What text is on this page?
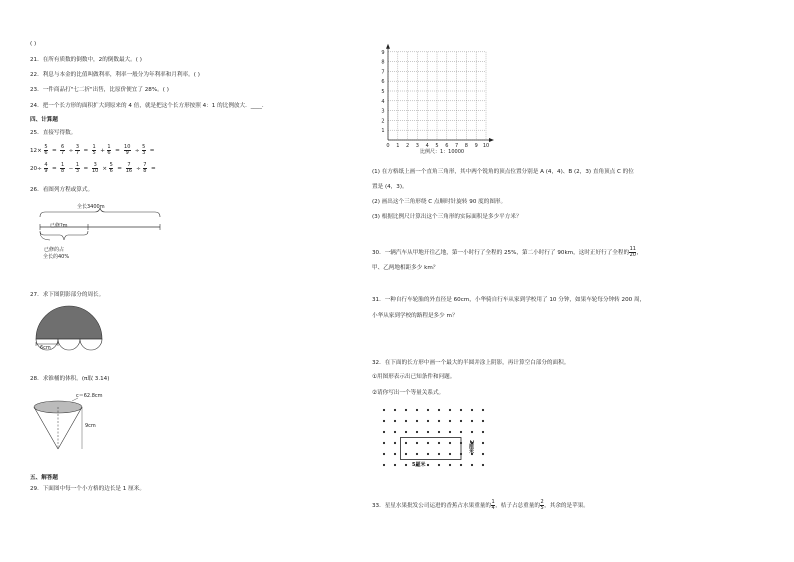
( )
21．在所有质数的倒数中，2的倒数最大。( )
22．利息与本金的比值叫做利率，利率一般分为年利率和月利率。( )
23．一件商品打"七二折"出售，比原价便宜了 28%。( )
24．把一个长方形的面积扩大到原来的 4 倍，就是把这个长方形按照 4：1 的比例放大．____.
四、计算题
25．直接写得数。
$12\times \frac{5}{6} = \frac{6}{7} \div \frac{3}{7} = \frac{1}{5} + \frac{1}{6} = \frac{10}{9} \div \frac{5}{3}$ =
$20\div \frac{4}{9} = \frac{1}{8} - \frac{1}{3} = \frac{3}{10} \times \frac{5}{6} = \frac{7}{16} \div \frac{7}{8}$ =
26．看图列方程或算式。
全长3400m
已修?m
已修的占
全长的40%
27．求下图阴影部分的周长。
6cm
28．求锥桶的体积。(π取 3.14)
c＝62.8cm
9cm
五、解答题
29．下面图中每一个小方格的边长是 1 厘米。
9
8
7
6
5
4
3
2
1
0 1 2 3 4 5 6 7 8 9 10
比例尺：1：10000
(1) 在方格纸上画一个直角三角形，其中两个锐角的顶点位置分别是 A (4，4)、B (2，3) 直角顶点 C 的位
置是 (4，3)。
(2) 画出这个三角形绕 C 点顺时针旋转 90 度的图形。
(3) 根据比例尺计算出这个三角形的实际面积是多少平方米？
30．一辆汽车从甲地开往乙地，第一小时行了全程的 25%，第二小时行了 90km，这时正好行了全程的 $\frac{11}{20}$ ，
甲、乙两地相距多少 km？
31．一种自行车轮胎的外直径是 60cm，小华骑自行车从家到学校用了 10 分钟，如果车轮每分钟转 200 周，
小华从家到学校的路程是多少 m？
32．在下面的长方形中画一个最大的半圆并涂上阴影，再计算空白部分的面积。
①用图形表示出已知条件和问题。
②请你写出一个等量关系式。
5厘米
2厘米
33．星星水果批发公司运进的香蕉占水果重量的 $\frac{1}{4}$ ，桔子占总重量的 $\frac{2}{5}$ ，其余的是苹果。
